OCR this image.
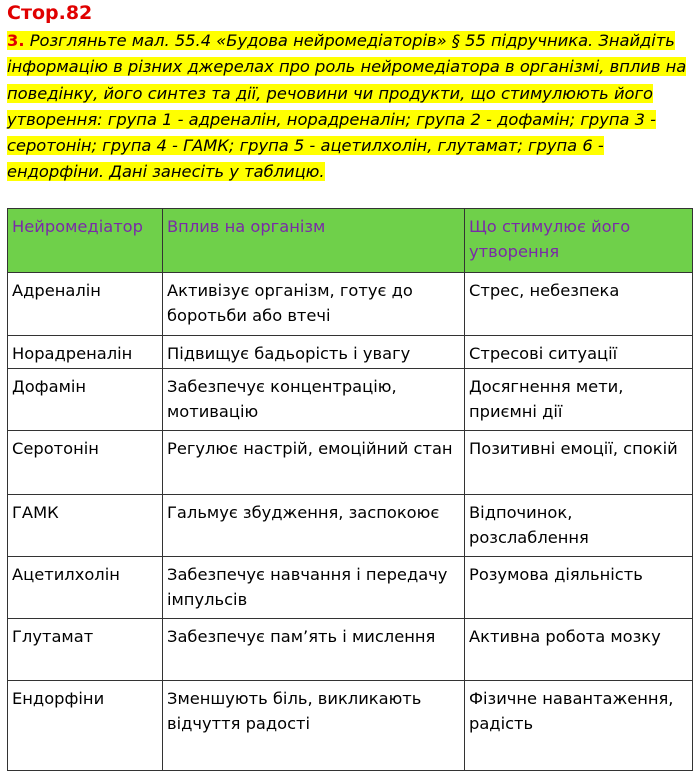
Стор.82
3. Розгляньте мал. 55.4 «Будова нейромедіаторів» § 55 підручника. Знайдіть інформацію в різних джерелах про роль нейромедіатора в організмі, вплив на поведінку, його синтез та дії, речовини чи продукти, що стимулюють його утворення: група 1 - адреналін, норадреналін; група 2 - дофамін; група 3 - серотонін; група 4 - ГАМК; група 5 - ацетилхолін, глутамат; група 6 - ендорфіни. Дані занесіть у таблицю.
Нейромедіатор	Вплив на організм	Що стимулює його утворення
Адреналін	Активізує організм, готує до боротьби або втечі	Стрес, небезпека
Норадреналін	Підвищує бадьорість і увагу	Стресові ситуації
Дофамін	Забезпечує концентрацію, мотивацію	Досягнення мети, приємні дії
Серотонін	Регулює настрій, емоційний стан	Позитивні емоції, спокій
ГАМК	Гальмує збудження, заспокоює	Відпочинок, розслаблення
Ацетилхолін	Забезпечує навчання і передачу імпульсів	Розумова діяльність
Глутамат	Забезпечує пам’ять і мислення	Активна робота мозку
Ендорфіни	Зменшують біль, викликають відчуття радості	Фізичне навантаження, радість
